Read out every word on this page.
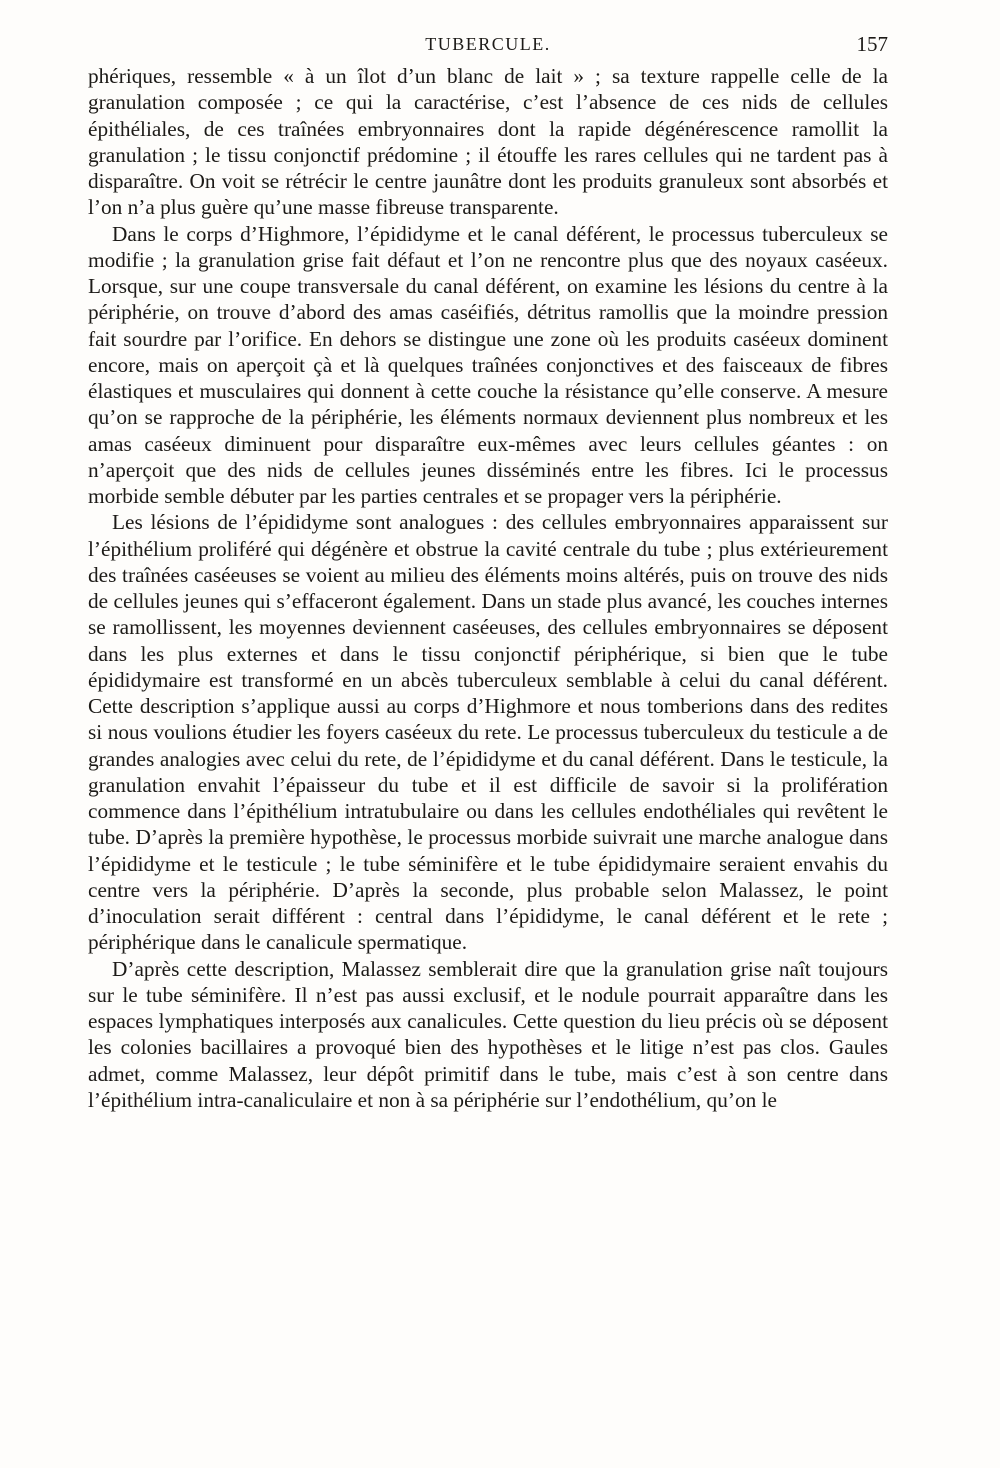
TUBERCULE.	157

phériques, ressemble « à un îlot d’un blanc de lait » ; sa texture rappelle celle de la granulation composée ; ce qui la caractérise, c’est l’absence de ces nids de cellules épithéliales, de ces traînées embryonnaires dont la rapide dégénérescence ramollit la granulation ; le tissu conjonctif prédomine ; il étouffe les rares cellules qui ne tardent pas à disparaître. On voit se rétrécir le centre jaunâtre dont les produits granuleux sont absorbés et l’on n’a plus guère qu’une masse fibreuse transparente.

Dans le corps d’Highmore, l’épididyme et le canal déférent, le processus tuberculeux se modifie ; la granulation grise fait défaut et l’on ne rencontre plus que des noyaux caséeux. Lorsque, sur une coupe transversale du canal déférent, on examine les lésions du centre à la périphérie, on trouve d’abord des amas caséifiés, détritus ramollis que la moindre pression fait sourdre par l’orifice. En dehors se distingue une zone où les produits caséeux dominent encore, mais on aperçoit çà et là quelques traînées conjonctives et des faisceaux de fibres élastiques et musculaires qui donnent à cette couche la résistance qu’elle conserve. A mesure qu’on se rapproche de la périphérie, les éléments normaux deviennent plus nombreux et les amas caséeux diminuent pour disparaître eux-mêmes avec leurs cellules géantes : on n’aperçoit que des nids de cellules jeunes disséminés entre les fibres. Ici le processus morbide semble débuter par les parties centrales et se propager vers la périphérie.

Les lésions de l’épididyme sont analogues : des cellules embryonnaires apparaissent sur l’épithélium proliféré qui dégénère et obstrue la cavité centrale du tube ; plus extérieurement des traînées caséeuses se voient au milieu des éléments moins altérés, puis on trouve des nids de cellules jeunes qui s’effaceront également. Dans un stade plus avancé, les couches internes se ramollissent, les moyennes deviennent caséeuses, des cellules embryonnaires se déposent dans les plus externes et dans le tissu conjonctif périphérique, si bien que le tube épididymaire est transformé en un abcès tuberculeux semblable à celui du canal déférent. Cette description s’applique aussi au corps d’Highmore et nous tomberions dans des redites si nous voulions étudier les foyers caséeux du rete. Le processus tuberculeux du testicule a de grandes analogies avec celui du rete, de l’épididyme et du canal déférent. Dans le testicule, la granulation envahit l’épaisseur du tube et il est difficile de savoir si la prolifération commence dans l’épithélium intratubulaire ou dans les cellules endothéliales qui revêtent le tube. D’après la première hypothèse, le processus morbide suivrait une marche analogue dans l’épididyme et le testicule ; le tube séminifère et le tube épididymaire seraient envahis du centre vers la périphérie. D’après la seconde, plus probable selon Malassez, le point d’inoculation serait différent : central dans l’épididyme, le canal déférent et le rete ; périphérique dans le canalicule spermatique.

D’après cette description, Malassez semblerait dire que la granulation grise naît toujours sur le tube séminifère. Il n’est pas aussi exclusif, et le nodule pourrait apparaître dans les espaces lymphatiques interposés aux canalicules. Cette question du lieu précis où se déposent les colonies bacillaires a provoqué bien des hypothèses et le litige n’est pas clos. Gaules admet, comme Malassez, leur dépôt primitif dans le tube, mais c’est à son centre dans l’épithélium intra-canaliculaire et non à sa périphérie sur l’endothélium, qu’on le
